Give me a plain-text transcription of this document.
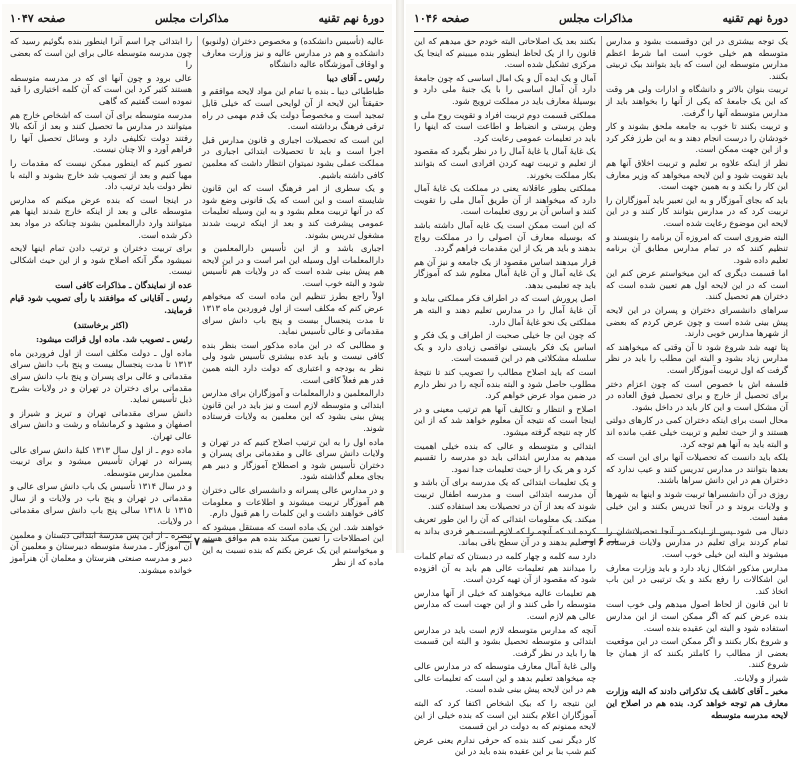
صفحه ۱۰۴۷	مذاکرات مجلس	دورهٔ نهم تقنیه

را ابتدائی چرا اسم آنرا اینطور بنده بگوئیم رسید که چون مدرسه متوسطه عالی برای این است که بعضی را

عالی برود و چون آنها ای که در مدرسه متوسطه هستند کثیر کرد این است که آن کلمه اختیاری را قید نموده است گفتیم که گاهی

مدرسه متوسطه برای آن است که اشخاص خارج هم میتوانند در مدارس ما تحصیل کنند و بعد از آنکه بالا رفتند دولت تکلیفی دارد و وسائل تحصیل آنها را فراهم آورد و الا چنان نیست.

تصور کنیم که اینطور ممکن نیست که مقدمات را مهیا کنیم و بعد از تصویب شد خارج بشوند و البته با نظر دولت باید ترتیب داد.

در اینجا است که بنده عرض میکنم که مدارس متوسطه عالی و بعد از اینکه خارج شدند اینها هم میتوانند وارد دارالمعلمین بشوند چنانکه در مواد بعد ذکر شده است.

برای تربیت دختران و ترتیب دادن تمام اینها لایحه نمیشود مگر آنکه اصلاح شود و از این حیث اشکالی نیست.

عده از نمایندگان ـ مذاکرات کافی است

رئیس ـ آقایانی که موافقند با رأی تصویب شود قیام فرمایند.

(اکثر برخاستند)

رئیس ـ تصویب شد. ماده اول قرائت میشود:

ماده اول ـ دولت مکلف است از اول فروردین ماه ۱۳۱۳ تا مدت پنجسال بیست و پنج باب دانش سرای مقدماتی و عالی برای پسران و پنج باب دانش سرای مقدماتی برای دختران در تهران و در ولایات بشرح ذیل تأسیس نماید.

دانش سرای مقدماتی تهران و تبریز و شیراز و اصفهان و مشهد و کرمانشاه و رشت و دانش سرای عالی تهران.

ماده دوم ـ از اول سال ۱۳۱۳ کلیهٔ دانش سرای عالی پسرانه در تهران تأسیس میشود و برای تربیت معلمین مدارس متوسطه.

و در سال ۱۳۱۴ تأسیس یک باب دانش سرای عالی و مقدماتی در تهران و پنج باب در ولایات و از سال ۱۳۱۵ تا ۱۳۱۸ سالی پنج باب دانش سرای مقدماتی در ولایات.

تبصره ـ از این پس مدرسهٔ ابتدائی دبستان و معلمین آن آموزگار ـ مدرسهٔ متوسطه دبیرستان و معلمین آن دبیر و مدرسه صنعتی هنرستان و معلمان آن هنرآموز خوانده میشوند.

عالیه (تأسیس دانشکده) و مخصوص دختران (ولنوبو) دانشکده و هم در مدارس عالیه و نیز وزارت معارف و اوقاف آموزشگاه عالیه دانشگاه

رئیس ـ آقای دیبا

طباطبائی دیبا ـ بنده با تمام این مواد لایحه موافقم و حقیقتاً این لایحه از آن لوایحی است که خیلی قابل تمجید است و مخصوصاً دولت یک قدم مهمی در راه ترقی فرهنگ برداشته است.

این است که تحصیلات اجباری و قانون مدارس قبل اجرا است و باید تا تحصیلات ابتدائی اجباری در مملکت عملی بشود نمیتوان انتظار داشت که معلمین کافی داشته باشیم.

و یک سطری از امر فرهنگ است که این قانون شایسته است و این است که یک قانونی وضع شود که در آنها تربیت معلم بشود و به این وسیله تعلیمات عمومی پیشرفت کند و بعد از اینکه تربیت شدند مشغول تدریس بشوند.

اجباری باشد و از این تأسیس دارالمعلمین و دارالمعلمات اول وسیله این امر است و در این لایحه هم پیش بینی شده است که در ولایات هم تأسیس شود و البته خوب است.

اولاً راجع بطرز تنظیم این ماده است که میخواهم عرض کنم که مکلف است از اول فروردین ماه ۱۳۱۳ تا مدت پنجسال بیست و پنج باب دانش سرای مقدماتی و عالی تأسیس نماید.

و مطالبی که در این ماده مذکور است بنظر بنده کافی نیست و باید عده بیشتری تأسیس شود ولی نظر به بودجه و اعتباری که دولت دارد البته همین قدر هم فعلاً کافی است.

دارالمعلمین و دارالمعلمات و آموزگاران برای مدارس ابتدائی و متوسطه لازم است و نیز باید در این قانون پیش بینی بشود که این معلمین به ولایات فرستاده شوند.

ماده اول را به این ترتیب اصلاح کنیم که در تهران و ولایات دانش سرای عالی و مقدماتی برای پسران و دختران تأسیس شود و اصطلاح آموزگار و دبیر هم بجای معلم گذاشته شود.

و در مدارس عالی پسرانه و دانشسرای عالی دختران هم آموزگار تربیت میشوند و اطلاعات و معلومات کافی خواهند داشت و این کلمات را هم قبول دارم.

خواهند شد. این یک ماده است که مستقل میشود که این اصطلاحات را تعیین میکند بنده هم موافق هستم و میخواستم این یک عرض بکنم که بنده نسبت به این ماده که از نظر

— ۷ —
صفحه ۱۰۴۶	مذاکرات مجلس	دورهٔ نهم تقنیه

بکنند بعد یک اصلاحاتی البته خودم حق میدهم که این قانون را از یک لحاظ اینطور بنده میبینم که اینجا یک مرکزی تشکیل شده است.

آمال و یک ایده آل و یک امال اساسی که چون جامعهٔ دارد آن آمال اساسی را با یک جنبهٔ ملی دارد و بوسیلهٔ معارف باید در مملکت ترویج شود.

مملکتی قسمت دوم تربیت افراد و تقویت روح ملی و وطن پرستی و انضباط و اطاعت است که اینها را باید در تعلیمات عمومی رعایت کرد.

یک غایهٔ آمال یا غایهٔ آمال را در نظر بگیرد که مقصود از تعلیم و تربیت تهیه کردن افرادی است که بتوانند بکار مملکت بخورند.

مملکتی بطور عاقلانه یعنی در مملکت یک غایهٔ آمال دارد که میخواهند از آن طریق آمال ملی را تقویت کنند و اساس آن بر روی تعلیمات است.

که این است ممکن است یک غایه آمال داشته باشد که بوسیله معارف آن اصولی را در مملکت رواج بدهند و باید هر یک از این مقدمات فراهم گردد.

قرار میدهند اساس مقصود از یک جامعه و نیز آن هم یک غایه آمال و آن غایهٔ آمال معلوم شد که آموزگار باید چه تعلیمی بدهد.

اصل پرورش است که در اطراف فکر مملکتی بیاید و آن غایهٔ آمال را در مدارس تعلیم دهند و البته هر مملکتی یک نحو غایهٔ آمال دارد.

که چون این جا خیلی صحبت از اطراف و یک فکر و اساس یک فکر بایستی نواقصی زیادی دارد و یک سلسله مشکلاتی هم در این قسمت است.

است که باید اصلاح مطالب را تصویب کند تا نتیجهٔ مطلوب حاصل شود و البته بنده آنچه را در نظر دارم در ضمن مواد عرض خواهم کرد.

اصلاح و انتظار و تکالیف آنها هم ترتیب معینی و در اینجا است که نتیجه آن معلوم خواهد شد که از این کار چه نتیجه گرفته میشود.

ابتدائی و متوسطه و عالی که بنده خیلی اهمیت میدهم به مدارس ابتدائی باید دو مدرسه را تقسیم کرد و هر یک را از حیث تعلیمات جدا نمود.

و یک تعلیمات ابتدائی که یک مدرسه برای آن باشد و آن مدرسه ابتدائی است و مدرسه اطفال تربیت شوند که بعد از آن در تحصیلات بعد استفاده کنند.

میکند. یک معلومات ابتدائی که آن را این طور تعریف کرده اند که آنچه را که لازم است هر فردی بداند به او تعلیم بدهند و در آن سطح باقی بماند.

دارد سه کلمه و چهار کلمه در دبستان که تمام کلمات را میدانند هم تعلیمات عالی هم باید به آن افزوده شود که مقصود از آن تهیه کردن است.

هم تعلیمات عالیه میخواهند که خیلی از آنها مدارس متوسطه را طی کنند و از این جهت است که مدارس عالی هم لازم است.

آنچه که مدارس متوسطه لازم است باید در مدارس ابتدائی و متوسطه تحصیل بشود و البته این قسمت ها را باید در نظر گرفت.

والی غایهٔ آمال معارف متوسطه که در مدارس عالی چه میخواهد تعلیم بدهد و این است که تعلیمات عالی هم در این لایحه پیش بینی شده است.

این نتیجه را که بیک اشخاص اکتفا کرد که البته آموزگاران اعلام بکنند این است که بنده خیلی از این لایحه ممنونم که به دولت در این قسمت

کار دیگر نمی کنند بنده که حرفی ندارم یعنی عرض کنم شب بنا بر این عقیده بنده باید در این

یک توجه بیشتری در این دوقسمت بشود و مدارس متوسطه هم خیلی خوب است اما شرط اعظم مدارس متوسطه این است که باید بتوانند بیک تربیتی بکنند.

تربیت بنوان بالاتر و دانشگاه و ادارات ولی هر وقت که این یک جامعهٔ که یکی از آنها را بخواهند باید از مدارس متوسطه آنها را گرفت.

و تربیت بکنند تا خوب به جامعه ملحق بشوند و کار خودشان را درست انجام دهند و به این طرز فکر کرد و از این جهت ممکن است.

نظر از اینکه علاوه بر تعلیم و تربیت اخلاق آنها هم باید تقویت شود و این لایحه میخواهد که وزیر معارف این کار را بکند و به همین جهت است.

باید که بجای آموزگار و به این تعبیر باید آموزگاران را تربیت کرد که در مدارس بتوانند کار کنند و در این لایحه این موضوع رعایت شده است.

البته ضروری است که امروزه آن برنامه را بنویسند و تنظیم کنند که در تمام مدارس مطابق آن برنامه تعلیم داده شود.

اما قسمت دیگری که این میخواستم عرض کنم این است که در این لایحه اول هم تعیین شده است که دختران هم تحصیل کنند.

سراهای دانشسرای دختران و پسران در این لایحه پیش بینی شده است و چون عرض کردم که بعضی از شهرها مدارس خوبی دارند.

پتا تهیه شد شروع شود تا آن وقتی که میخواهند که مدارس زیاد بشود و البته این مطلب را باید در نظر گرفت که اول تربیت آموزگار است.

فلسفه اش با خصوص است که چون اعزام دختر برای تحصیل از خارج و برای تحصیل فوق العاده در آن مشکل است و این کار باید در داخل بشود.

محال است برای اینکه دختران کمی در کارهای دولتی هستند و از حیث تعلیم و تربیت خیلی عقب مانده اند و البته باید به آنها هم توجه کرد.

بلکه باید دانست که تحصیلات آنها برای این است که بعدها بتوانند در مدارس تدریس کنند و عیب ندارد که دختران هم در این دانش سراها باشند.

روزی در آن دانشسراها تربیت شوند و اینها به شهرها و ولایات بروند و در آنجا تدریس بکنند و این خیلی مفید است.

دنبال می شود پس از اینکه در آنجا تحصیلاتشان را تمام کردند برای تعلیم در مدارس ولایات فرستاده میشوند و البته این خیلی خوب است.

مدارس مذکور اشکال زیاد دارد و باید وزارت معارف این اشکالات را رفع بکند و یک ترتیبی در این باب اتخاذ کند.

تا این قانون از لحاظ اصول میدهم ولی خوب است بنده عرض کنم که اگر ممکن است از این مدارس استفاده شود و البته این عقیده بنده است.

و شروع بکار بکنند و اگر ممکن است در این موقعیت بعضی از مطالب را کاملتر بکنند که از همان جا شروع کنند.

شیراز و ولایات.

مخبر ـ آقای کاشف یک تذکراتی دادند که البته وزارت معارف هم توجه خواهد کرد. بنده هم در اصلاح این لایحه مدرسه متوسطه

— ۶ —
